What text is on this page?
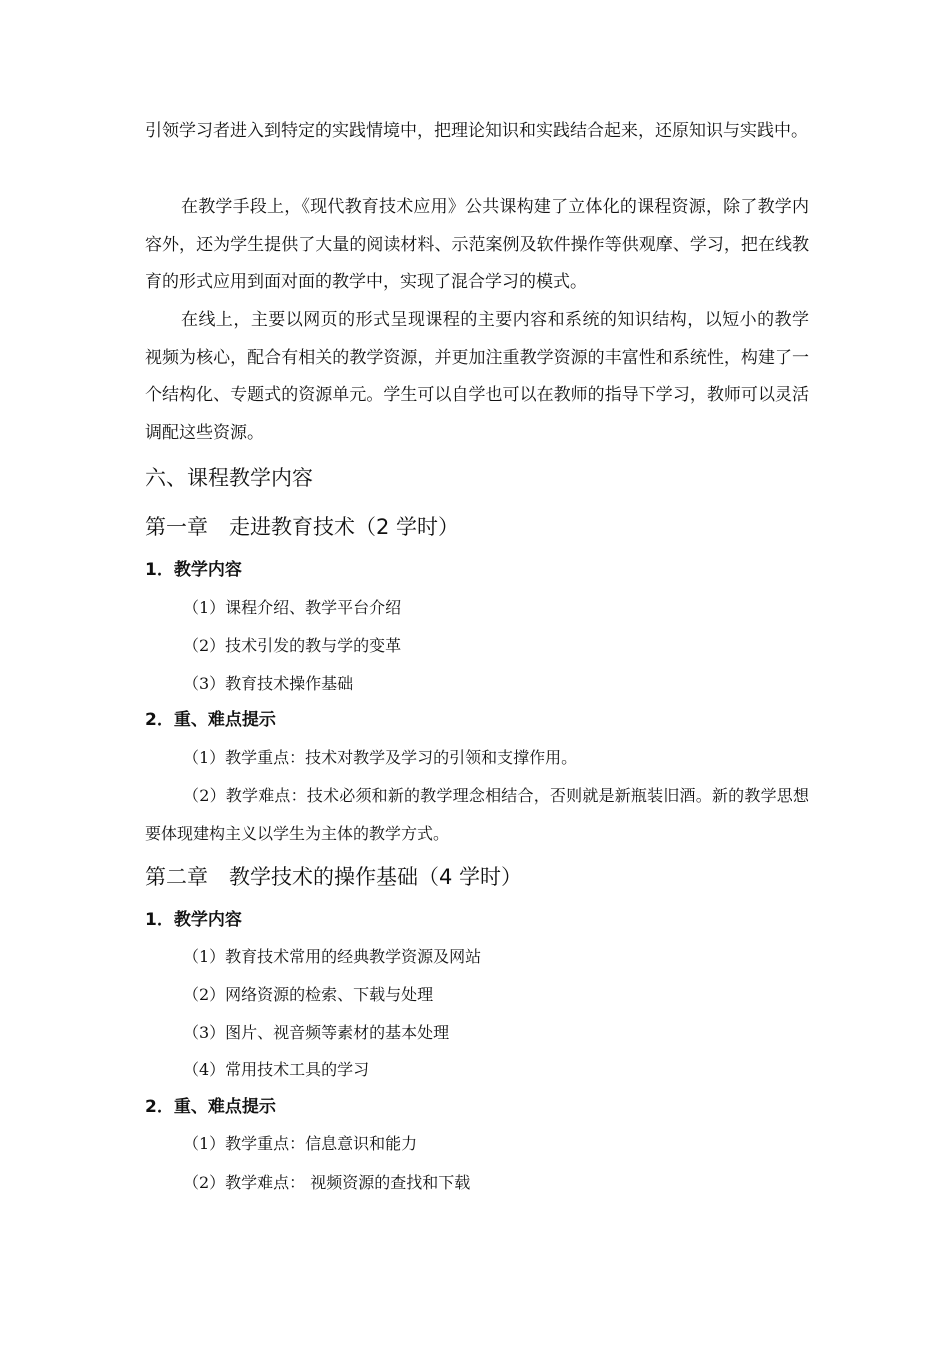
引领学习者进入到特定的实践情境中，把理论知识和实践结合起来，还原知识与实践中。

在教学手段上，《现代教育技术应用》公共课构建了立体化的课程资源，除了教学内容外，还为学生提供了大量的阅读材料、示范案例及软件操作等供观摩、学习，把在线教育的形式应用到面对面的教学中，实现了混合学习的模式。

在线上，主要以网页的形式呈现课程的主要内容和系统的知识结构，以短小的教学视频为核心，配合有相关的教学资源，并更加注重教学资源的丰富性和系统性，构建了一个结构化、专题式的资源单元。学生可以自学也可以在教师的指导下学习，教师可以灵活调配这些资源。

六、课程教学内容
第一章　走进教育技术（2 学时）
1．教学内容

（1）课程介绍、教学平台介绍

（2）技术引发的教与学的变革

（3）教育技术操作基础

2．重、难点提示

（1）教学重点：技术对教学及学习的引领和支撑作用。

（2）教学难点：技术必须和新的教学理念相结合，否则就是新瓶装旧酒。新的教学思想要体现建构主义以学生为主体的教学方式。

第二章　教学技术的操作基础（4 学时）
1．教学内容

（1）教育技术常用的经典教学资源及网站

（2）网络资源的检索、下载与处理

（3）图片、视音频等素材的基本处理

（4）常用技术工具的学习

2．重、难点提示

（1）教学重点：信息意识和能力

（2）教学难点： 视频资源的查找和下载
